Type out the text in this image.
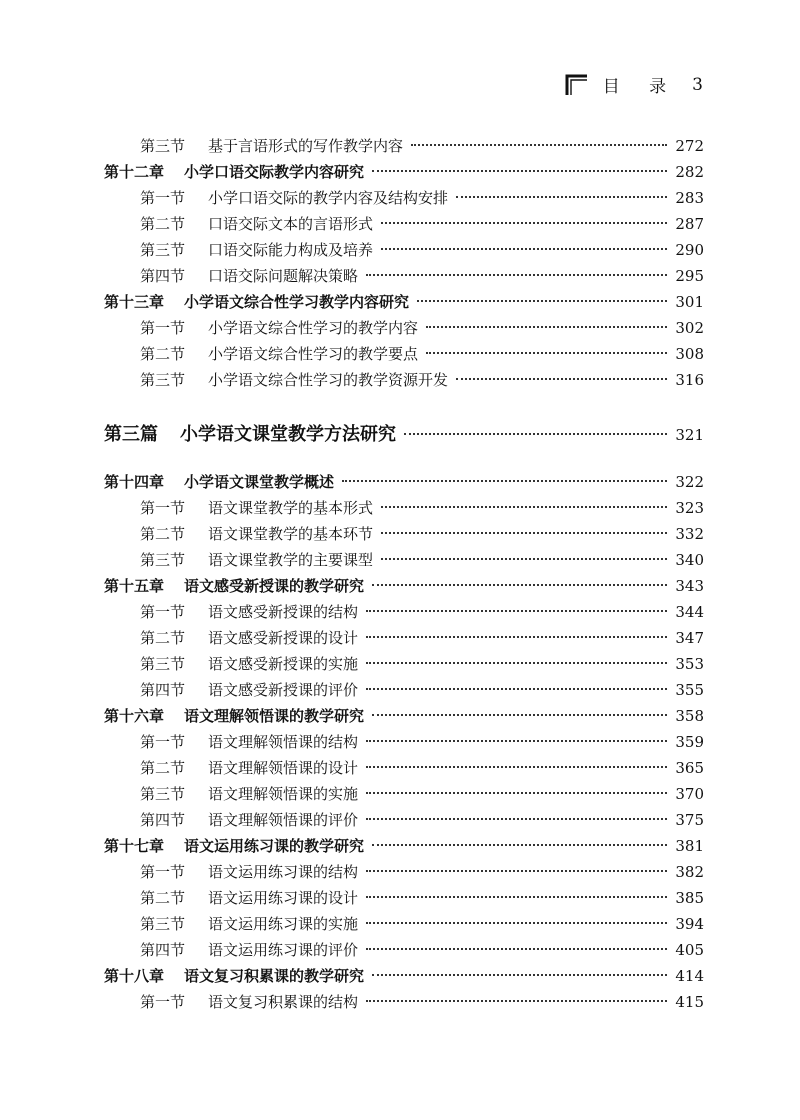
目 录 3
第三节	基于言语形式的写作教学内容	272
第十二章 小学口语交际教学内容研究	282
第一节	小学口语交际的教学内容及结构安排	283
第二节	口语交际文本的言语形式	287
第三节	口语交际能力构成及培养	290
第四节	口语交际问题解决策略	295
第十三章 小学语文综合性学习教学内容研究	301
第一节	小学语文综合性学习的教学内容	302
第二节	小学语文综合性学习的教学要点	308
第三节	小学语文综合性学习的教学资源开发	316
第三篇 小学语文课堂教学方法研究	321
第十四章 小学语文课堂教学概述	322
第一节	语文课堂教学的基本形式	323
第二节	语文课堂教学的基本环节	332
第三节	语文课堂教学的主要课型	340
第十五章 语文感受新授课的教学研究	343
第一节	语文感受新授课的结构	344
第二节	语文感受新授课的设计	347
第三节	语文感受新授课的实施	353
第四节	语文感受新授课的评价	355
第十六章 语文理解领悟课的教学研究	358
第一节	语文理解领悟课的结构	359
第二节	语文理解领悟课的设计	365
第三节	语文理解领悟课的实施	370
第四节	语文理解领悟课的评价	375
第十七章 语文运用练习课的教学研究	381
第一节	语文运用练习课的结构	382
第二节	语文运用练习课的设计	385
第三节	语文运用练习课的实施	394
第四节	语文运用练习课的评价	405
第十八章 语文复习积累课的教学研究	414
第一节	语文复习积累课的结构	415
